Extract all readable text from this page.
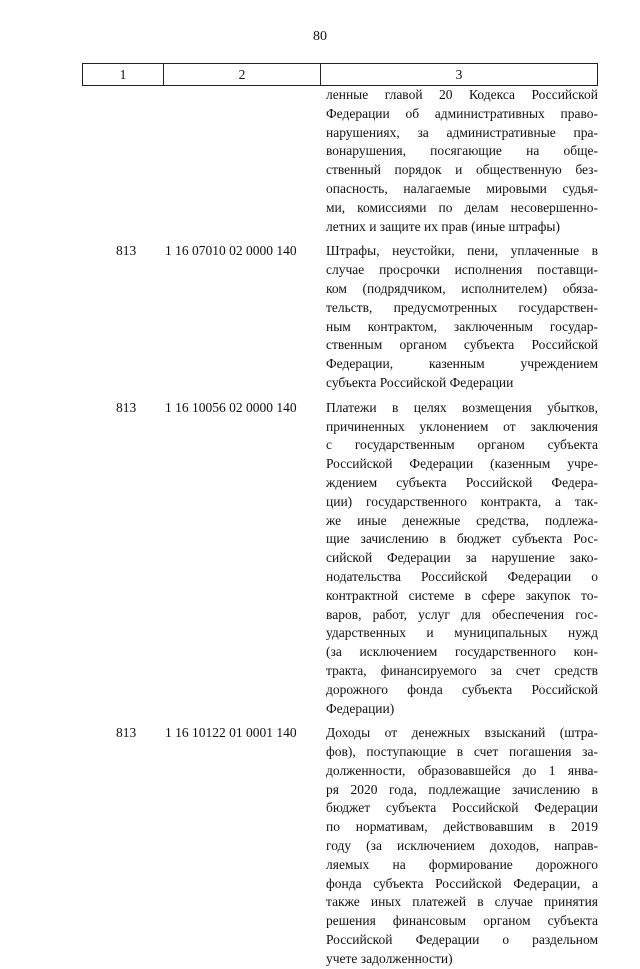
80
1	2	3
ленные главой 20 Кодекса Российской
Федерации об административных право-
нарушениях, за административные пра-
вонарушения, посягающие на обще-
ственный порядок и общественную без-
опасность, налагаемые мировыми судья-
ми, комиссиями по делам несовершенно-
летних и защите их прав (иные штрафы)
813	1 16 07010 02 0000 140	Штрафы, неустойки, пени, уплаченные в
случае просрочки исполнения поставщи-
ком (подрядчиком, исполнителем) обяза-
тельств, предусмотренных государствен-
ным контрактом, заключенным государ-
ственным органом субъекта Российской
Федерации, казенным учреждением
субъекта Российской Федерации
813	1 16 10056 02 0000 140	Платежи в целях возмещения убытков,
причиненных уклонением от заключения
с государственным органом субъекта
Российской Федерации (казенным учре-
ждением субъекта Российской Федера-
ции) государственного контракта, а так-
же иные денежные средства, подлежа-
щие зачислению в бюджет субъекта Рос-
сийской Федерации за нарушение зако-
нодательства Российской Федерации о
контрактной системе в сфере закупок то-
варов, работ, услуг для обеспечения гос-
ударственных и муниципальных нужд
(за исключением государственного кон-
тракта, финансируемого за счет средств
дорожного фонда субъекта Российской
Федерации)
813	1 16 10122 01 0001 140	Доходы от денежных взысканий (штра-
фов), поступающие в счет погашения за-
долженности, образовавшейся до 1 янва-
ря 2020 года, подлежащие зачислению в
бюджет субъекта Российской Федерации
по нормативам, действовавшим в 2019
году (за исключением доходов, направ-
ляемых на формирование дорожного
фонда субъекта Российской Федерации, а
также иных платежей в случае принятия
решения финансовым органом субъекта
Российской Федерации о раздельном
учете задолженности)
